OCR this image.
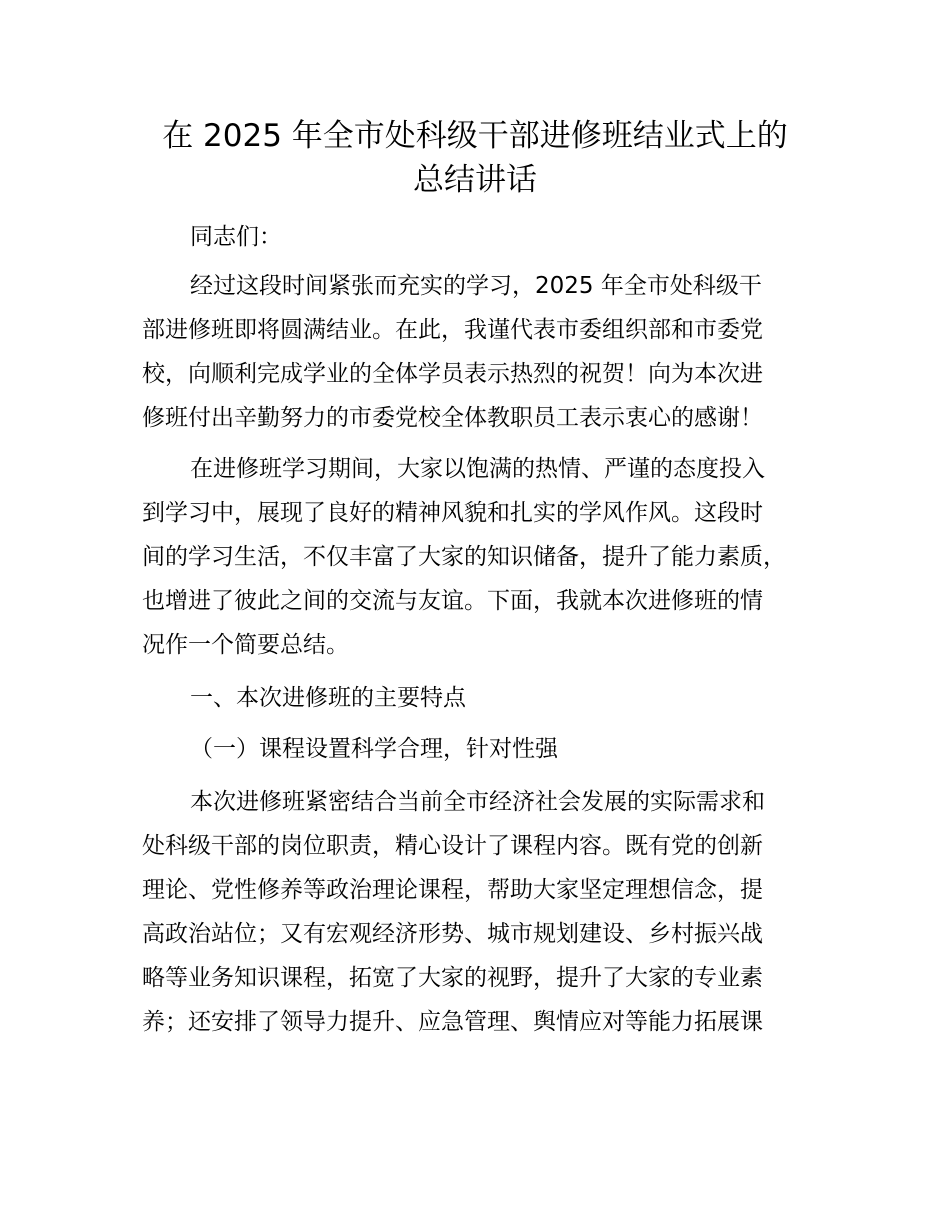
在 2025 年全市处科级干部进修班结业式上的
总结讲话

同志们：

经过这段时间紧张而充实的学习，2025 年全市处科级干

部进修班即将圆满结业。在此，我谨代表市委组织部和市委党

校，向顺利完成学业的全体学员表示热烈的祝贺！向为本次进

修班付出辛勤努力的市委党校全体教职员工表示衷心的感谢！

在进修班学习期间，大家以饱满的热情、严谨的态度投入

到学习中，展现了良好的精神风貌和扎实的学风作风。这段时

间的学习生活，不仅丰富了大家的知识储备，提升了能力素质，

也增进了彼此之间的交流与友谊。下面，我就本次进修班的情

况作一个简要总结。

一、本次进修班的主要特点

（一）课程设置科学合理，针对性强

本次进修班紧密结合当前全市经济社会发展的实际需求和

处科级干部的岗位职责，精心设计了课程内容。既有党的创新

理论、党性修养等政治理论课程，帮助大家坚定理想信念，提

高政治站位；又有宏观经济形势、城市规划建设、乡村振兴战

略等业务知识课程，拓宽了大家的视野，提升了大家的专业素

养；还安排了领导力提升、应急管理、舆情应对等能力拓展课
